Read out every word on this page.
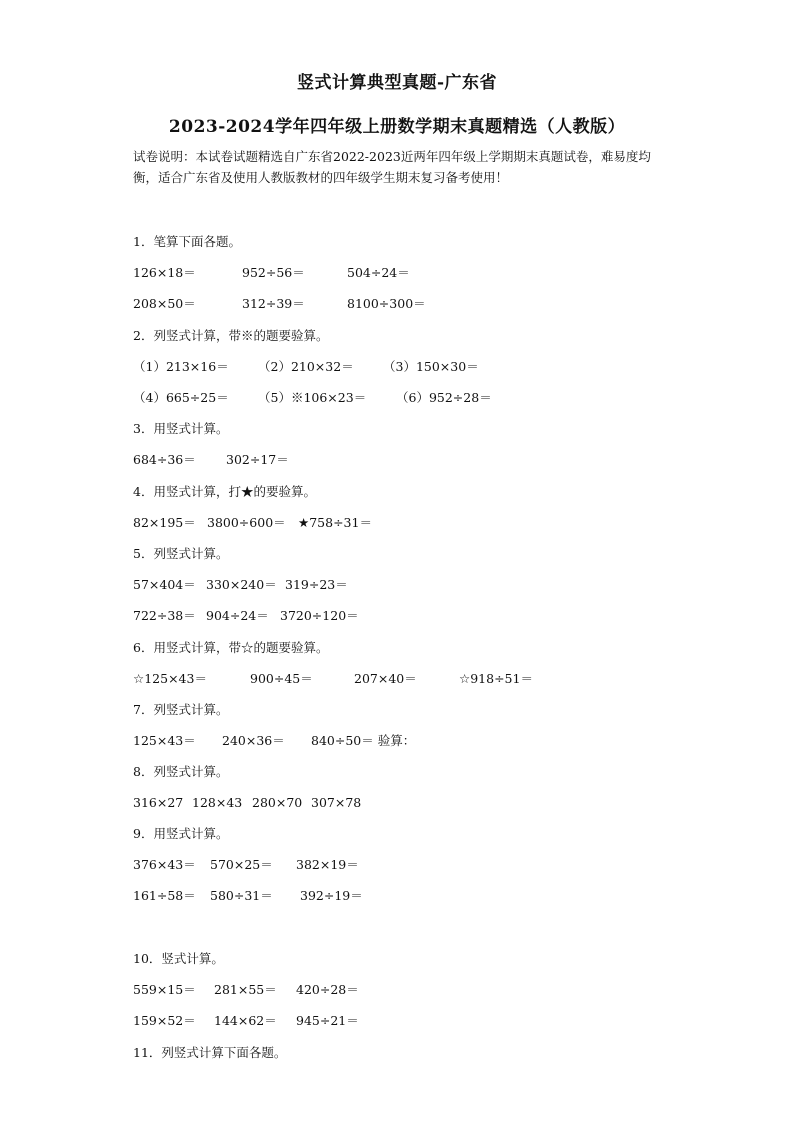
竖式计算典型真题-广东省
2023-2024学年四年级上册数学期末真题精选（人教版）
试卷说明：本试卷试题精选自广东省2022-2023近两年四年级上学期期末真题试卷，难易度均衡，适合广东省及使用人教版教材的四年级学生期末复习备考使用！
1．笔算下面各题。
126×18＝	952÷56＝	504÷24＝
208×50＝	312÷39＝	8100÷300＝
2．列竖式计算，带※的题要验算。
（1）213×16＝ （2）210×32＝ （3）150×30＝
（4）665÷25＝ （5）※106×23＝ （6）952÷28＝
3．用竖式计算。
684÷36＝ 302÷17＝
4．用竖式计算，打★的要验算。
82×195＝ 3800÷600＝ ★758÷31＝
5．列竖式计算。
57×404＝ 330×240＝ 319÷23＝
722÷38＝ 904÷24＝ 3720÷120＝
6．用竖式计算，带☆的题要验算。
☆125×43＝	900÷45＝	207×40＝	☆918÷51＝
7．列竖式计算。
125×43＝ 240×36＝ 840÷50＝ 验算：
8．列竖式计算。
316×27 128×43 280×70 307×78
9．用竖式计算。
376×43＝ 570×25＝ 382×19＝
161÷58＝ 580÷31＝ 392÷19＝
10．竖式计算。
559×15＝ 281×55＝ 420÷28＝
159×52＝ 144×62＝ 945÷21＝
11．列竖式计算下面各题。
